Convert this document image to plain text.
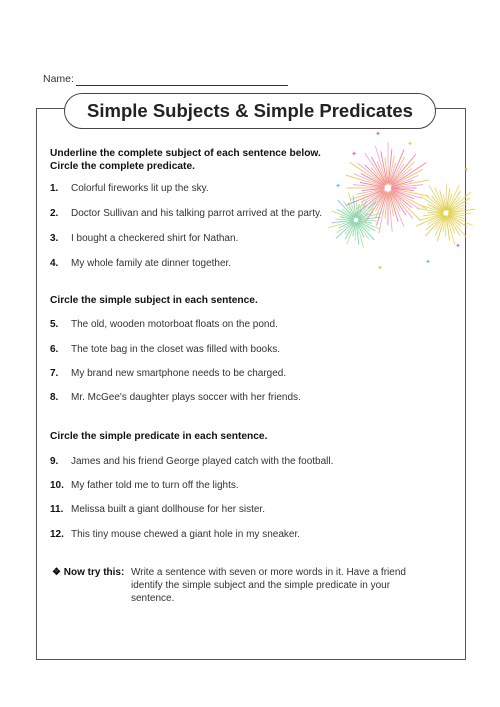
Name:
Simple Subjects & Simple Predicates
✦
✦
✦
✦
✦
✦
✦
✦
Underline the complete subject of each sentence below.
Circle the complete predicate.
1. Colorful fireworks lit up the sky.
2. Doctor Sullivan and his talking parrot arrived at the party.
3. I bought a checkered shirt for Nathan.
4. My whole family ate dinner together.
Circle the simple subject in each sentence.
5. The old, wooden motorboat floats on the pond.
6. The tote bag in the closet was filled with books.
7. My brand new smartphone needs to be charged.
8. Mr. McGee's daughter plays soccer with her friends.
Circle the simple predicate in each sentence.
9. James and his friend George played catch with the football.
10. My father told me to turn off the lights.
11. Melissa built a giant dollhouse for her sister.
12. This tiny mouse chewed a giant hole in my sneaker.
❖ Now try this: Write a sentence with seven or more words in it. Have a friend identify the simple subject and the simple predicate in your sentence.
